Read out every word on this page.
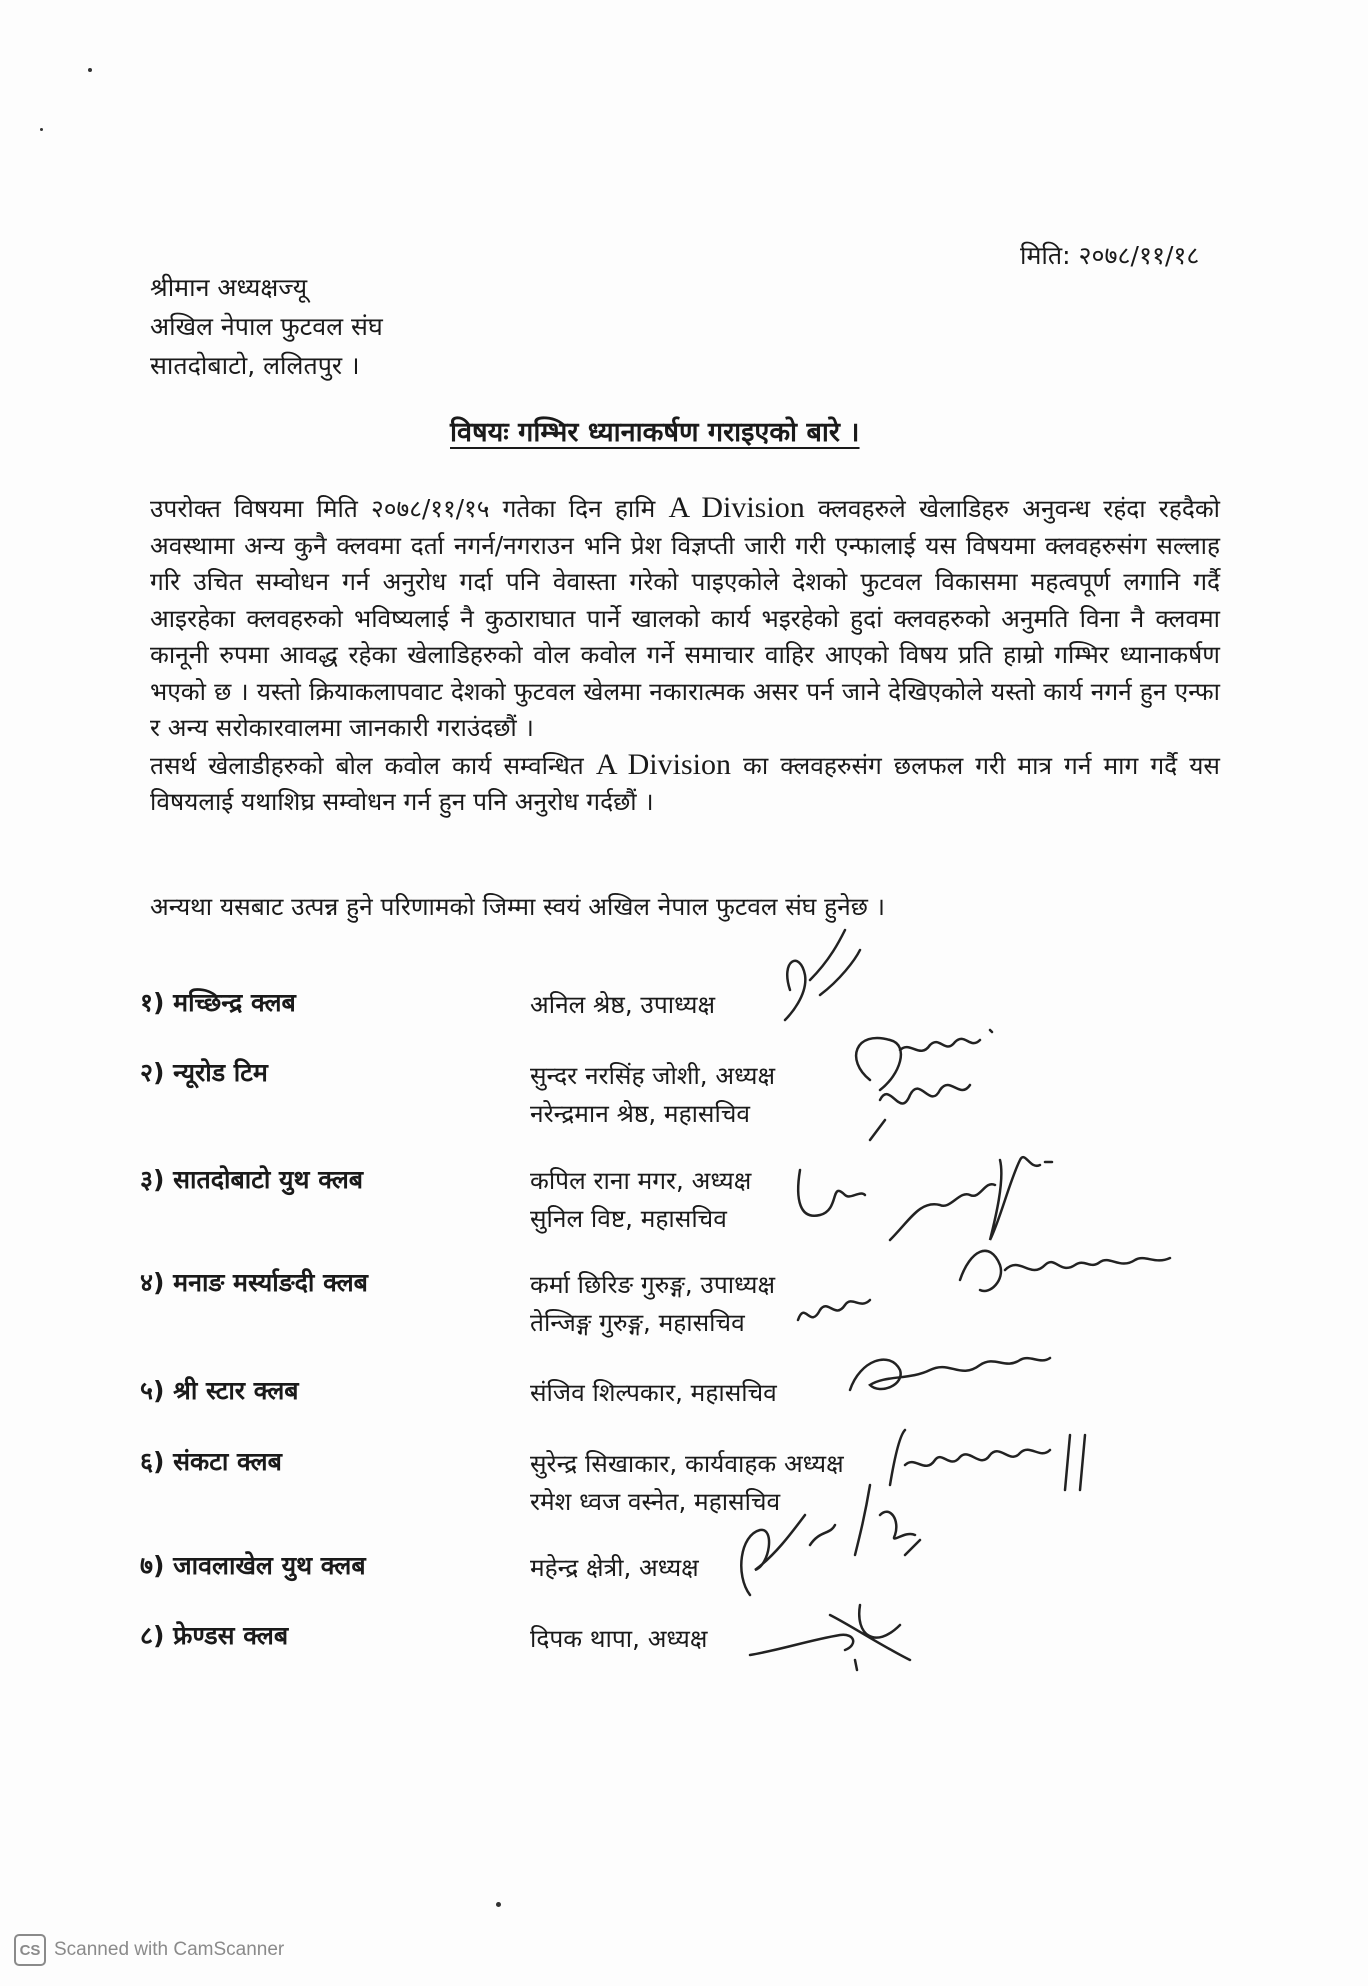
मिति: २०७८/११/१८
श्रीमान अध्यक्षज्यू
अखिल नेपाल फुटवल संघ
सातदोबाटो, ललितपुर ।
विषयः गम्भिर ध्यानाकर्षण गराइएको बारे ।

उपरोक्त विषयमा मिति २०७८/११/१५ गतेका दिन हामि A Division क्लवहरुले खेलाडिहरु अनुवन्ध रहंदा रहदैको अवस्थामा अन्य कुनै क्लवमा दर्ता नगर्न/नगराउन भनि प्रेश विज्ञप्ती जारी गरी एन्फालाई यस विषयमा क्लवहरुसंग सल्लाह गरि उचित सम्वोधन गर्न अनुरोध गर्दा पनि वेवास्ता गरेको पाइएकोले देशको फुटवल विकासमा महत्वपूर्ण लगानि गर्दै आइरहेका क्लवहरुको भविष्यलाई नै कुठाराघात पार्ने खालको कार्य भइरहेको हुदां क्लवहरुको अनुमति विना नै क्लवमा कानूनी रुपमा आवद्ध रहेका खेलाडिहरुको वोल कवोल गर्ने समाचार वाहिर आएको विषय प्रति हाम्रो गम्भिर ध्यानाकर्षण भएको छ । यस्तो क्रियाकलापवाट देशको फुटवल खेलमा नकारात्मक असर पर्न जाने देखिएकोले यस्तो कार्य नगर्न हुन एन्फा र अन्य सरोकारवालमा जानकारी गराउंदछौं ।

तसर्थ खेलाडीहरुको बोल कवोल कार्य सम्वन्धित A Division का क्लवहरुसंग छलफल गरी मात्र गर्न माग गर्दै यस विषयलाई यथाशिघ्र सम्वोधन गर्न हुन पनि अनुरोध गर्दछौं ।

अन्यथा यसबाट उत्पन्न हुने परिणामको जिम्मा स्वयं अखिल नेपाल फुटवल संघ हुनेछ ।
१) मच्छिन्द्र क्लब	अनिल श्रेष्ठ, उपाध्यक्ष
२) न्यूरोड टिम	सुन्दर नरसिंह जोशी, अध्यक्ष
नरेन्द्रमान श्रेष्ठ, महासचिव
३) सातदोबाटो युथ क्लब	कपिल राना मगर, अध्यक्ष
सुनिल विष्ट, महासचिव
४) मनाङ मर्स्याङदी क्लब	कर्मा छिरिङ गुरुङ्ग, उपाध्यक्ष
तेन्जिङ्ग गुरुङ्ग, महासचिव
५) श्री स्टार क्लब	संजिव शिल्पकार, महासचिव
६) संकटा क्लब	सुरेन्द्र सिखाकार, कार्यवाहक अध्यक्ष
रमेश ध्वज वस्नेत, महासचिव
७) जावलाखेल युथ क्लब	महेन्द्र क्षेत्री, अध्यक्ष
८) फ्रेण्डस क्लब	दिपक थापा, अध्यक्ष
CS Scanned with CamScanner
